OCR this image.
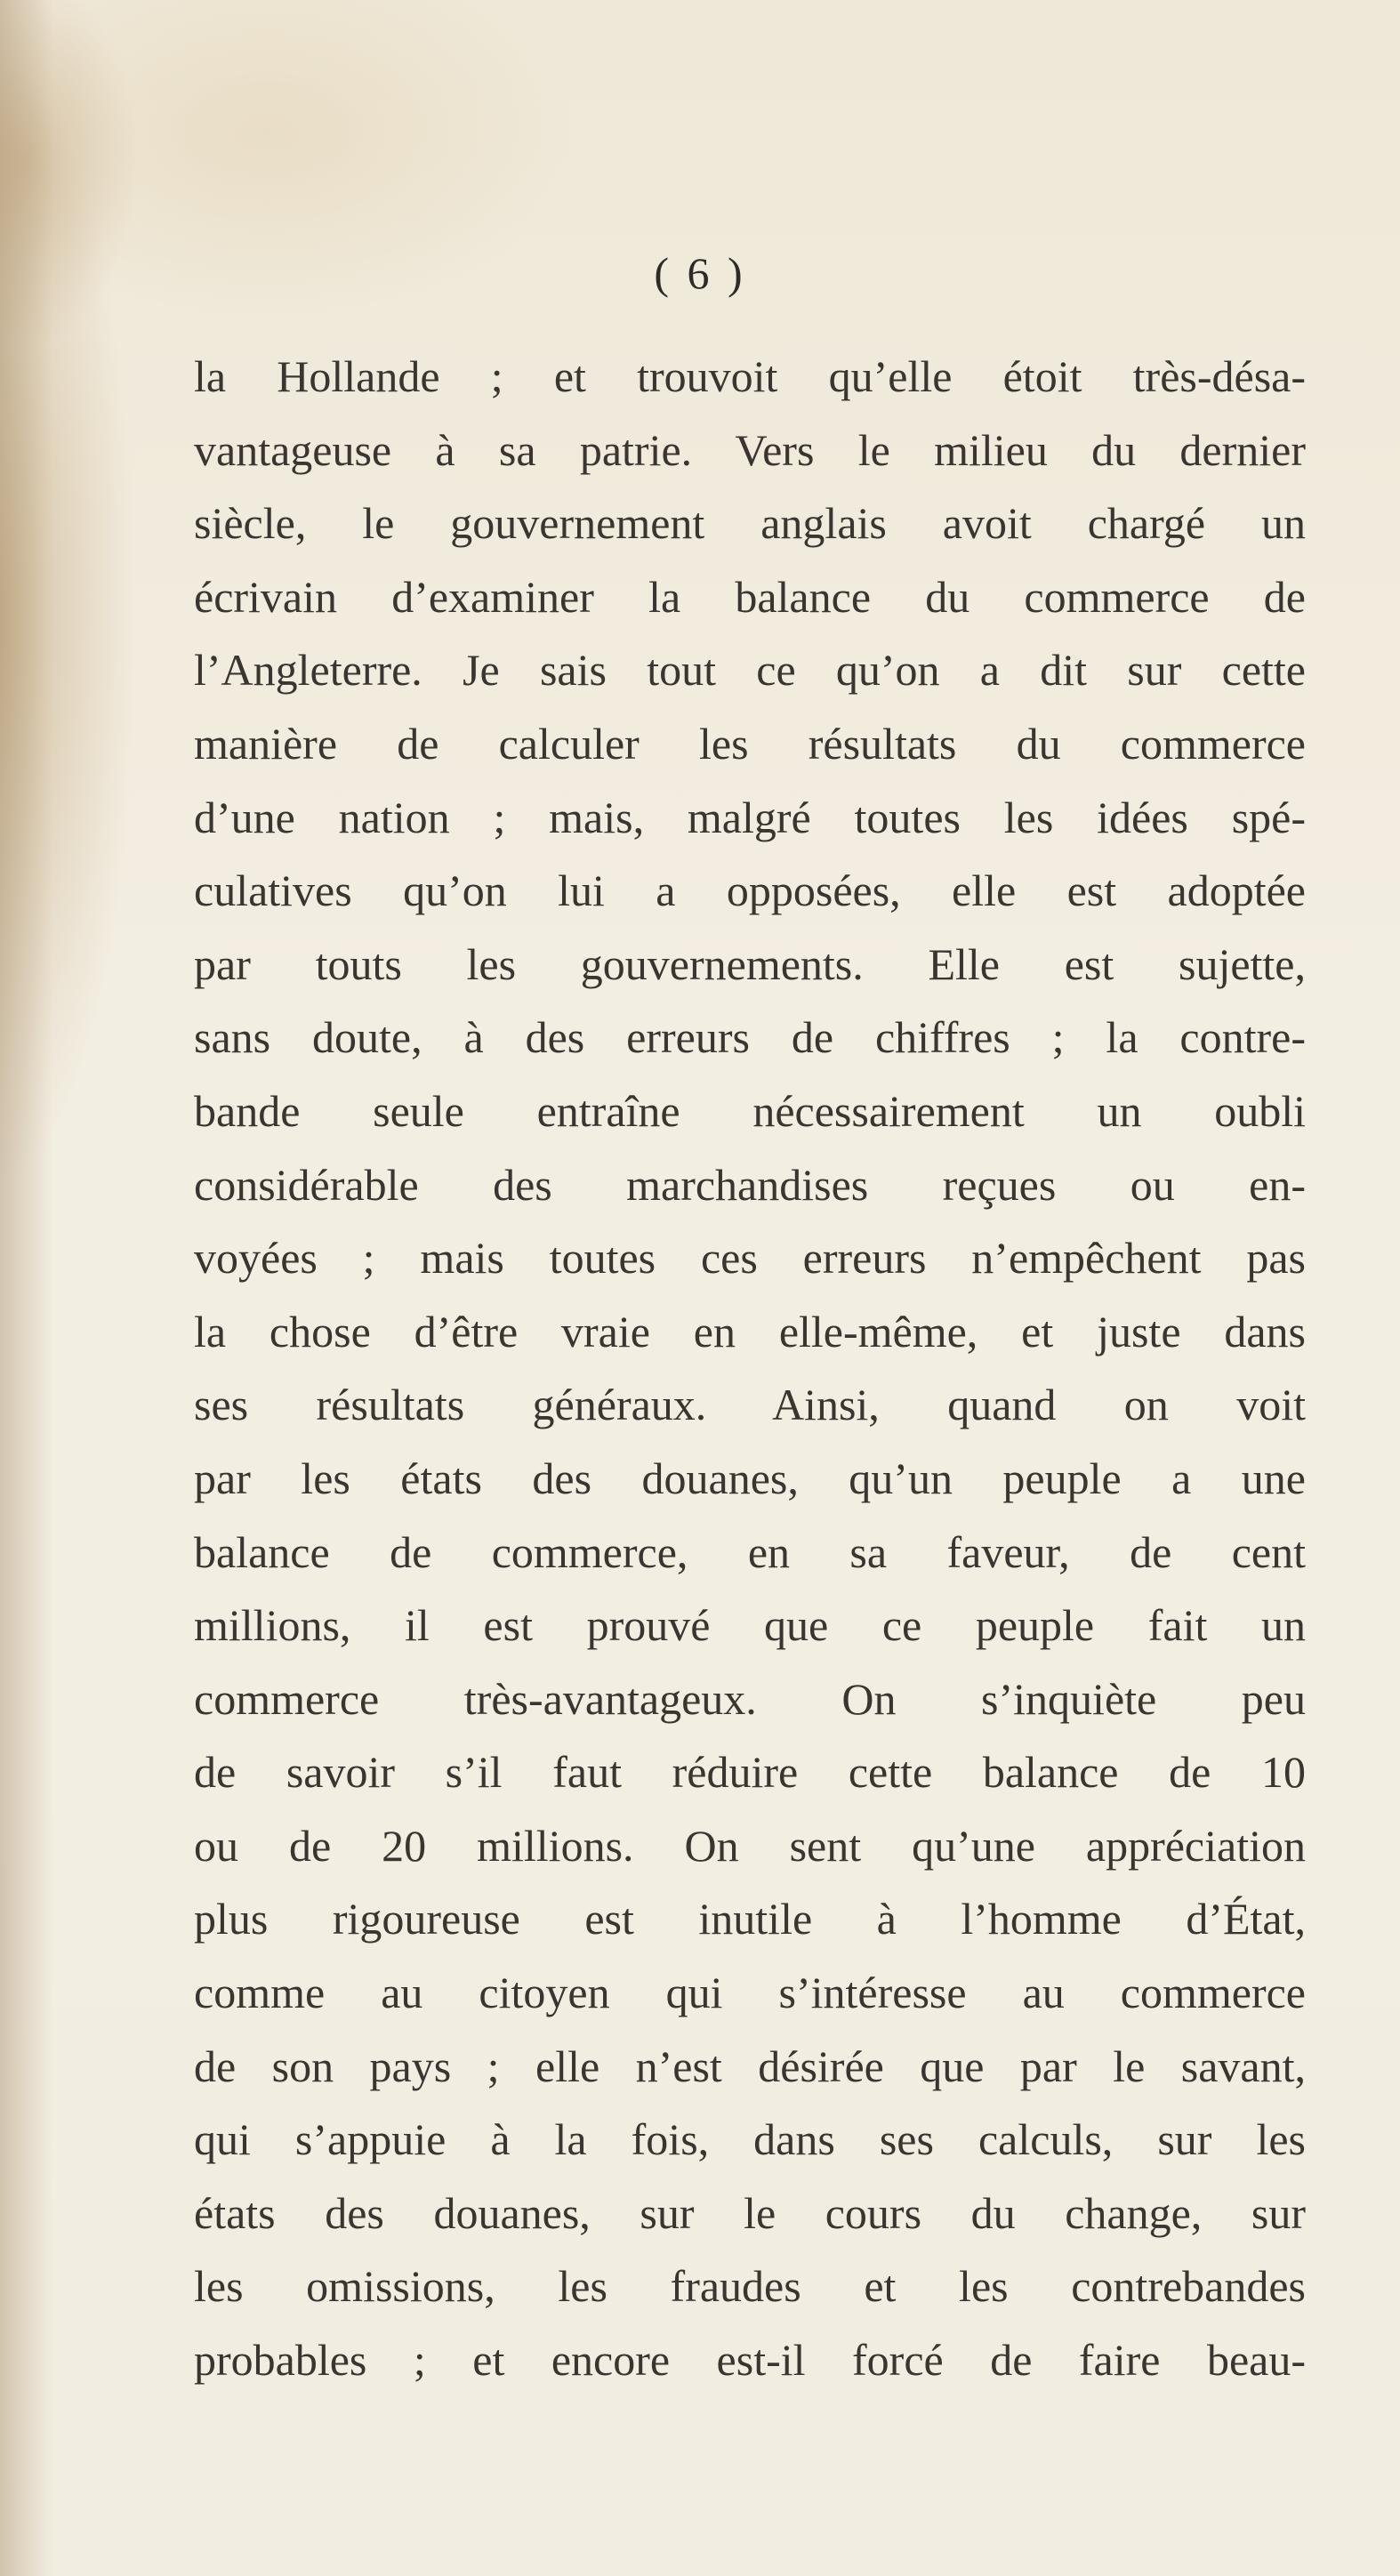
( 6 )
la Hollande ; et trouvoit qu’elle étoit très-désa-
vantageuse à sa patrie. Vers le milieu du dernier
siècle, le gouvernement anglais avoit chargé un
écrivain d’examiner la balance du commerce de
l’Angleterre. Je sais tout ce qu’on a dit sur cette
manière de calculer les résultats du commerce
d’une nation ; mais, malgré toutes les idées spé-
culatives qu’on lui a opposées, elle est adoptée
par touts les gouvernements. Elle est sujette,
sans doute, à des erreurs de chiffres ; la contre-
bande seule entraîne nécessairement un oubli
considérable des marchandises reçues ou en-
voyées ; mais toutes ces erreurs n’empêchent pas
la chose d’être vraie en elle-même, et juste dans
ses résultats généraux. Ainsi, quand on voit
par les états des douanes, qu’un peuple a une
balance de commerce, en sa faveur, de cent
millions, il est prouvé que ce peuple fait un
commerce très-avantageux. On s’inquiète peu
de savoir s’il faut réduire cette balance de 10
ou de 20 millions. On sent qu’une appréciation
plus rigoureuse est inutile à l’homme d’État,
comme au citoyen qui s’intéresse au commerce
de son pays ; elle n’est désirée que par le savant,
qui s’appuie à la fois, dans ses calculs, sur les
états des douanes, sur le cours du change, sur
les omissions, les fraudes et les contrebandes
probables ; et encore est-il forcé de faire beau-
